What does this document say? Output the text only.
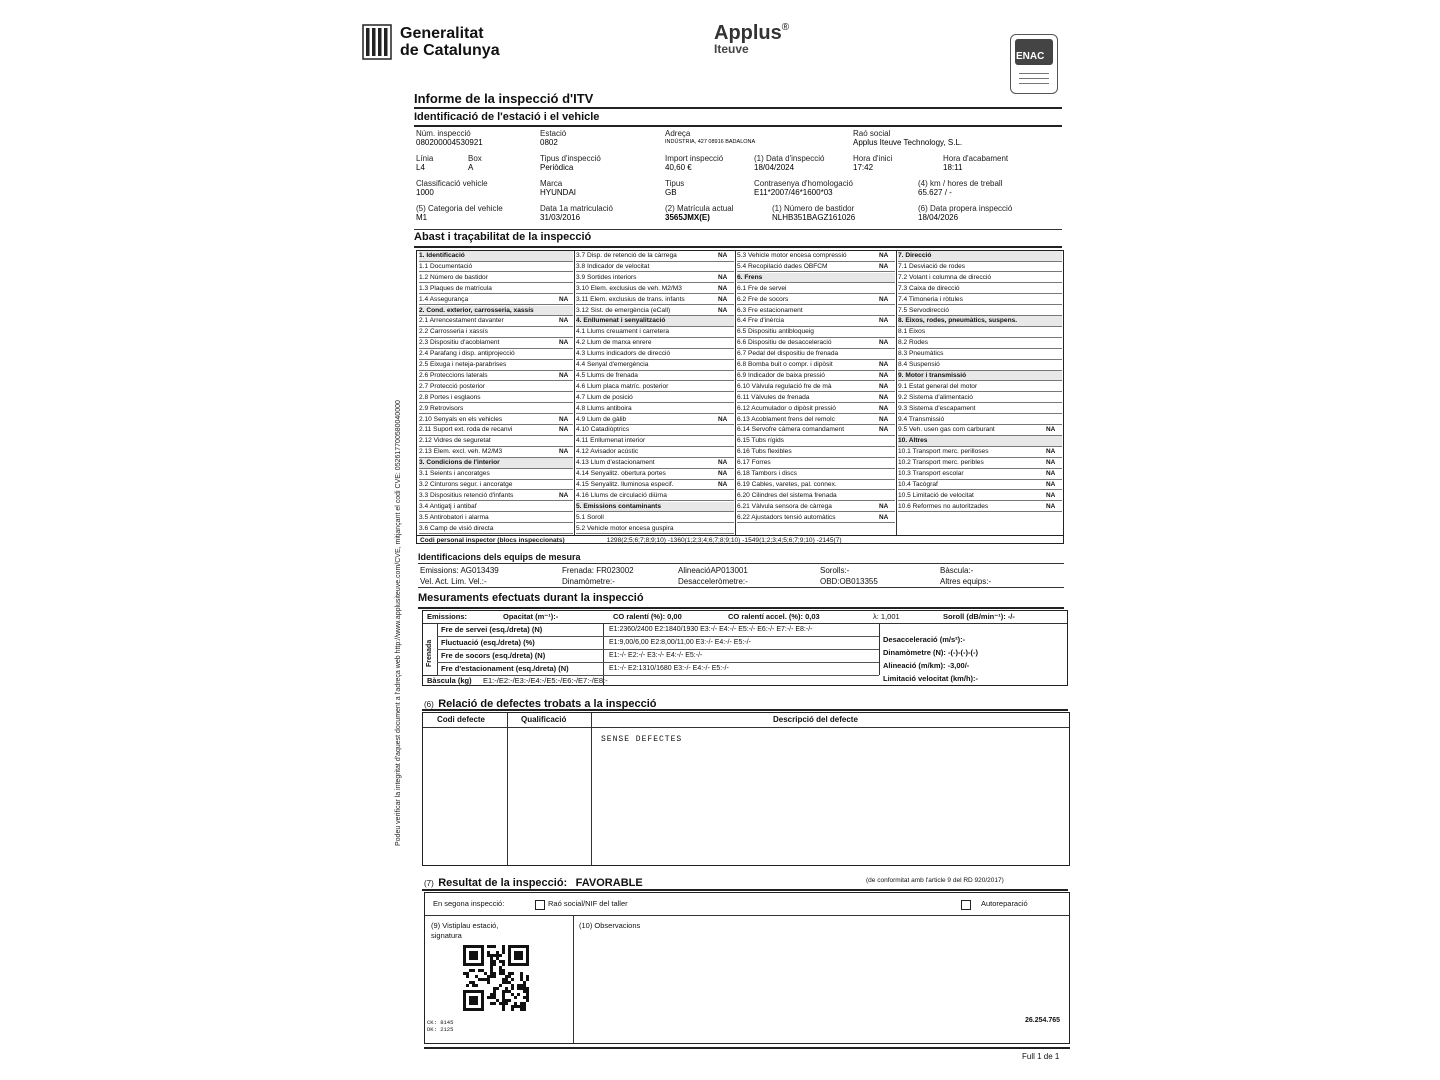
Generalitat
de Catalunya
Applus®
Iteuve
ENAC
Informe de la inspecció d'ITV
Identificació de l'estació i el vehicle
Núm. inspecció
080200004530921
Estació
0802
Adreça
INDÚSTRIA, 427 08916 BADALONA
Raó social
Applus Iteuve Technology, S.L.
Línia
L4
Box
A
Tipus d'inspecció
Periòdica
Import inspecció
40,60 €
(1) Data d'inspecció
18/04/2024
Hora d'inici
17:42
Hora d'acabament
18:11
Classificació vehicle
1000
Marca
HYUNDAI
Tipus
GB
Contrasenya d'homologació
E11*2007/46*1600*03
(4) km / hores de treball
65.627 / -
(5) Categoria del vehicle
M1
Data 1a matriculació
31/03/2016
(2) Matrícula actual
3565JMX(E)
(1) Número de bastidor
NLHB351BAGZ161026
(6) Data propera inspecció
18/04/2026
Abast i traçabilitat de la inspecció
1. Identificació
1.1 Documentació
1.2 Número de bastidor
1.3 Plaques de matrícula
1.4 Assegurança	NA
2. Cond. exterior, carrosseria, xassís
2.1 Arrencestament davanter	NA
2.2 Carrosseria i xassís
2.3 Dispositiu d'acoblament	NA
2.4 Parafang i disp. antiprojecció
2.5 Eixuga i neteja-parabrises
2.6 Proteccions laterals	NA
2.7 Protecció posterior
2.8 Portes i esglaons
2.9 Retrovisors
2.10 Senyals en els vehicles	NA
2.11 Suport ext. roda de recanvi	NA
2.12 Vidres de seguretat
2.13 Elem. excl. veh. M2/M3	NA
3. Condicions de l'interior
3.1 Seients i ancoratges
3.2 Cinturons segur. i ancoratge
3.3 Dispositius retenció d'infants	NA
3.4 Antigatj i antibaf
3.5 Antirobatori i alarma
3.6 Camp de visió directa
3.7 Disp. de retenció de la càrrega	NA
3.8 Indicador de velocitat
3.9 Sortides interiors	NA
3.10 Elem. exclusius de veh. M2/M3	NA
3.11 Elem. exclusius de trans. infants	NA
3.12 Sist. de emergència (eCall)	NA
4. Enllumenat i senyalització
4.1 Llums creuament i carretera
4.2 Llum de marxa enrere
4.3 Llums indicadors de direcció
4.4 Senyal d'emergència
4.5 Llums de frenada
4.6 Llum placa matríc. posterior
4.7 Llum de posició
4.8 Llums antiboira
4.9 Llum de gàlib	NA
4.10 Catadiòptrics
4.11 Enllumenat interior
4.12 Avisador acústic
4.13 Llum d'estacionament	NA
4.14 Senyalitz. obertura portes	NA
4.15 Senyalitz. lluminosa especif.	NA
4.16 Llums de circulació diürna
5. Emissions contaminants
5.1 Soroll
5.2 Vehicle motor encesa guspira
5.3 Vehicle motor encesa compressió	NA
5.4 Recopilació dades OBFCM	NA
6. Frens
6.1 Fre de servei
6.2 Fre de socors	NA
6.3 Fre estacionament
6.4 Fre d'inèrcia	NA
6.5 Dispositiu antibloqueig
6.6 Dispositiu de desacceleració	NA
6.7 Pedal del dispositiu de frenada
6.8 Bomba buit o compr. i dipòsit	NA
6.9 Indicador de baixa pressió	NA
6.10 Vàlvula regulació fre de mà	NA
6.11 Vàlvules de frenada	NA
6.12 Acumulador o dipòsit pressió	NA
6.13 Acoblament frens del remolc	NA
6.14 Servofre càmera comandament	NA
6.15 Tubs rígids
6.16 Tubs flexibles
6.17 Forres
6.18 Tambors i discs
6.19 Cables, varetes, pal. connex.
6.20 Cilindres del sistema frenada
6.21 Vàlvula sensora de càrrega	NA
6.22 Ajustadors tensió automàtics	NA
7. Direcció
7.1 Desviació de rodes
7.2 Volant i columna de direcció
7.3 Caixa de direcció
7.4 Timoneria i ròtules
7.5 Servodirecció
8. Eixos, rodes, pneumàtics, suspens.
8.1 Eixos
8.2 Rodes
8.3 Pneumàtics
8.4 Suspensió
9. Motor i transmissió
9.1 Estat general del motor
9.2 Sistema d'alimentació
9.3 Sistema d'escapament
9.4 Transmissió
9.5 Veh. usen gas com carburant	NA
10. Altres
10.1 Transport merc. perilloses	NA
10.2 Transport merc. peribles	NA
10.3 Transport escolar	NA
10.4 Tacògraf	NA
10.5 Limitació de velocitat	NA
10.6 Reformes no autoritzades	NA
Codi personal inspector (blocs inspeccionats)	1298(2;5;6;7;8;9;10) -1360(1;2;3;4;6;7;8;9;10) -1549(1;2;3;4;5;6;7;9;10) -2145(7)
Identificacions dels equips de mesura
Emissions: AG013439	Frenada: FR023002	AlineacióAP013001	Sorolls:-	Bàscula:-
Vel. Act. Lim. Vel.:-	Dinamòmetre:-	Desacceleròmetre:-	OBD:OB013355	Altres equips:-
Mesuraments efectuats durant la inspecció
Emissions:	Opacitat (m⁻¹):-	CO ralentí (%): 0,00	CO ralentí accel. (%): 0,03	λ: 1,001	Soroll (dB/min⁻¹): -/-
Frenada
Bàscula (kg) E1:-/E2:-/E3:-/E4:-/E5:-/E6:-/E7:-/E8:-
Fre de servei (esq./dreta) (N)	E1:2360/2400 E2:1840/1930 E3:-/- E4:-/- E5:-/- E6:-/- E7:-/- E8:-/-
Fluctuació (esq./dreta) (%)	E1:9,00/6,00 E2:8,00/11,00 E3:-/- E4:-/- E5:-/-
Fre de socors (esq./dreta) (N)	E1:-/- E2:-/- E3:-/- E4:-/- E5:-/-
Fre d'estacionament (esq./dreta) (N)	E1:-/- E2:1310/1680 E3:-/- E4:-/- E5:-/-
Desacceleració (m/s²):-
Dinamòmetre (N): -(-)-(-)-(-)
Alineació (m/km): -3,00/-
Limitació velocitat (km/h):-
(6) Relació de defectes trobats a la inspecció
Codi defecte	Qualificació	Descripció del defecte
SENSE DEFECTES
(7) Resultat de la inspecció: FAVORABLE	(de conformitat amb l'article 9 del RD 920/2017)
En segona inspecció:	Raó social/NIF del taller	Autoreparació
(9) Vistiplau estació, signatura
CK: 8145
DK: 2125
(10) Observacions
26.254.765
Full 1 de 1
Podeu verificar la integritat d'aquest document a l'adreça web http://www.applusiteuve.com/CVE, mitjançant el codi CVE: 052617700580040000
